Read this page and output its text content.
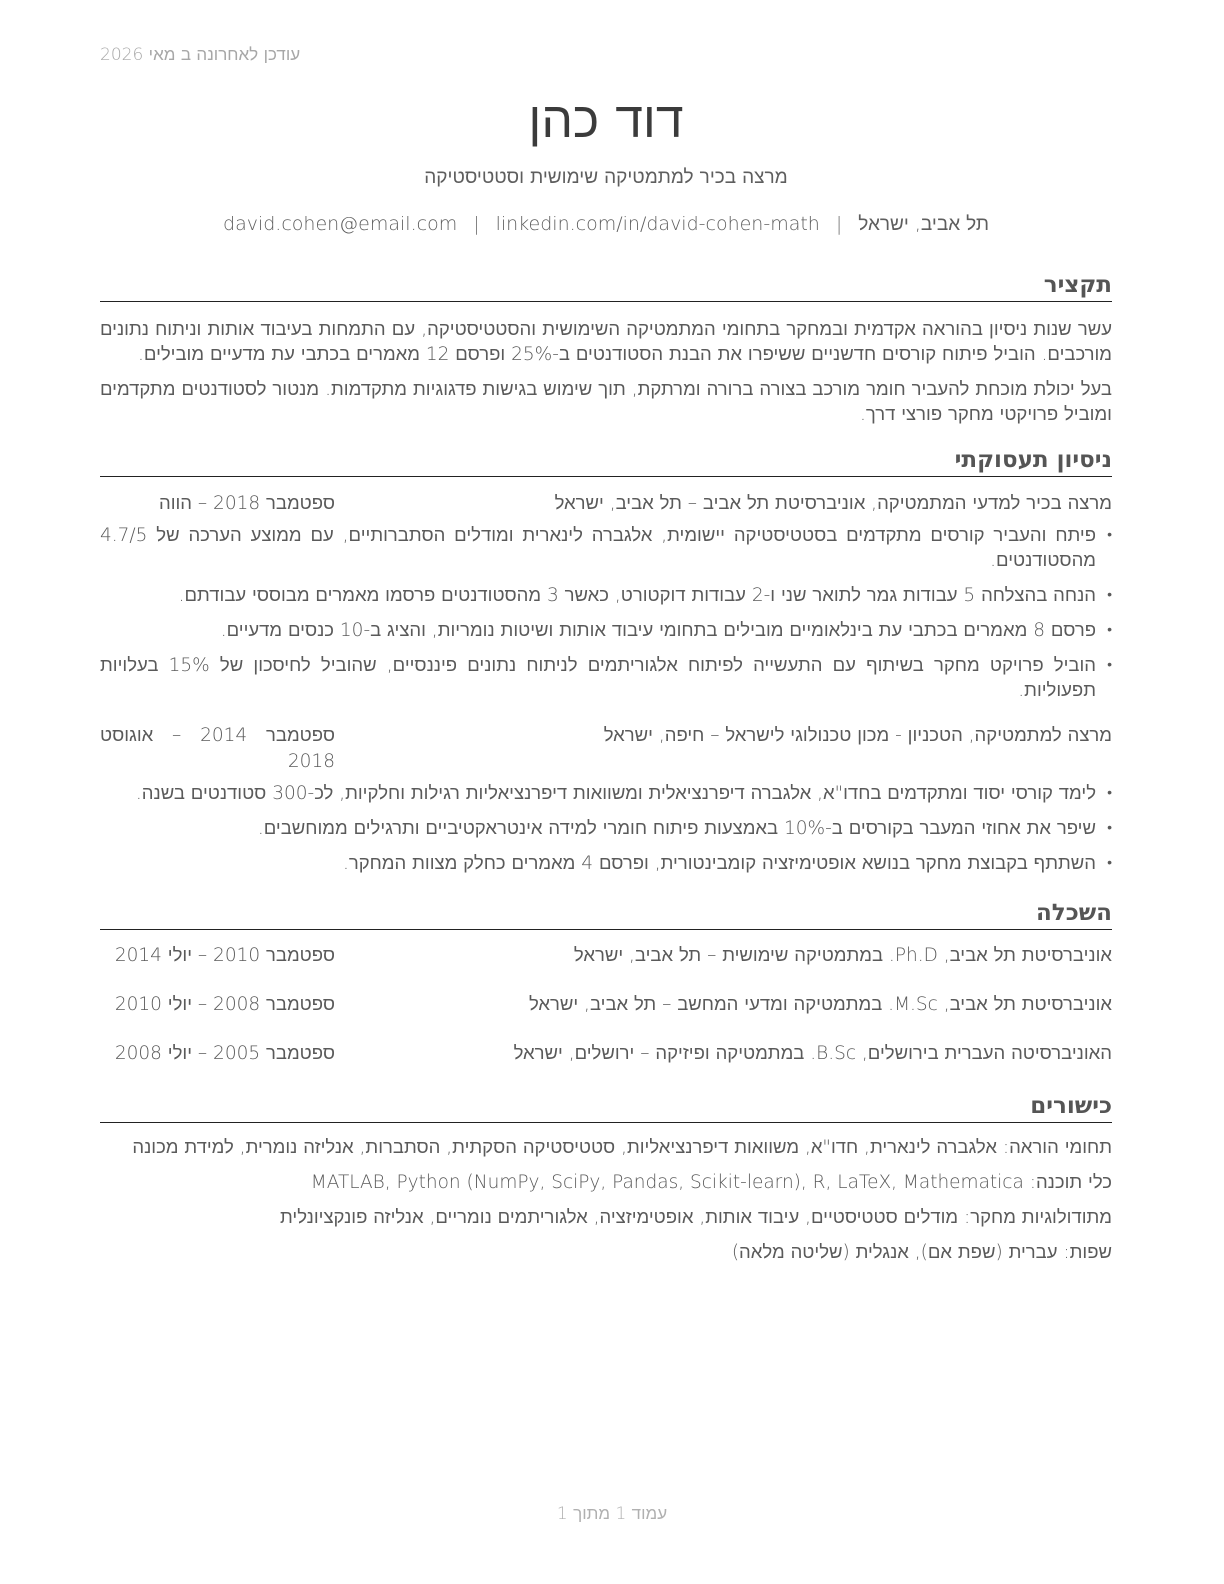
עודכן לאחרונה ב מאי 2026
דוד כהן
מרצה בכיר למתמטיקה שימושית וסטטיסטיקה
תל אביב, ישראל|david.cohen@email.com | linkedin.com/in/david-cohen-math
תקציר

עשר שנות ניסיון בהוראה אקדמית ובמחקר בתחומי המתמטיקה השימושית והסטטיסטיקה, עם התמחות בעיבוד אותות וניתוח נתונים מורכבים. הוביל פיתוח קורסים חדשניים ששיפרו את הבנת הסטודנטים ב-25% ופרסם 12 מאמרים בכתבי עת מדעיים מובילים.

בעל יכולת מוכחת להעביר חומר מורכב בצורה ברורה ומרתקת, תוך שימוש בגישות פדגוגיות מתקדמות. מנטור לסטודנטים מתקדמים ומוביל פרויקטי מחקר פורצי דרך.

ניסיון תעסוקתי
מרצה בכיר למדעי המתמטיקה, אוניברסיטת תל אביב – תל אביב, ישראל
ספטמבר 2018 – הווה
• פיתח והעביר קורסים מתקדמים בסטטיסטיקה יישומית, אלגברה לינארית ומודלים הסתברותיים, עם ממוצע הערכה של 4.7/5 מהסטודנטים.
• הנחה בהצלחה 5 עבודות גמר לתואר שני ו-2 עבודות דוקטורט, כאשר 3 מהסטודנטים פרסמו מאמרים מבוססי עבודתם.
• פרסם 8 מאמרים בכתבי עת בינלאומיים מובילים בתחומי עיבוד אותות ושיטות נומריות, והציג ב-10 כנסים מדעיים.
• הוביל פרויקט מחקר בשיתוף עם התעשייה לפיתוח אלגוריתמים לניתוח נתונים פיננסיים, שהוביל לחיסכון של 15% בעלויות תפעוליות.
מרצה למתמטיקה, הטכניון - מכון טכנולוגי לישראל – חיפה, ישראל
ספטמבר 2014 – אוגוסט 2018
• לימד קורסי יסוד ומתקדמים בחדו"א, אלגברה דיפרנציאלית ומשוואות דיפרנציאליות רגילות וחלקיות, לכ-300 סטודנטים בשנה.
• שיפר את אחוזי המעבר בקורסים ב-10% באמצעות פיתוח חומרי למידה אינטראקטיביים ותרגילים ממוחשבים.
• השתתף בקבוצת מחקר בנושא אופטימיזציה קומבינטורית, ופרסם 4 מאמרים כחלק מצוות המחקר.
השכלה
אוניברסיטת תל אביב, Ph.D. במתמטיקה שימושית – תל אביב, ישראל
ספטמבר 2010 – יולי 2014
אוניברסיטת תל אביב, M.Sc. במתמטיקה ומדעי המחשב – תל אביב, ישראל
ספטמבר 2008 – יולי 2010
האוניברסיטה העברית בירושלים, B.Sc. במתמטיקה ופיזיקה – ירושלים, ישראל
ספטמבר 2005 – יולי 2008
כישורים
תחומי הוראה: אלגברה לינארית, חדו"א, משוואות דיפרנציאליות, סטטיסטיקה הסקתית, הסתברות, אנליזה נומרית, למידת מכונה
כלי תוכנה: MATLAB, Python (NumPy, SciPy, Pandas, Scikit-learn), R, LaTeX, Mathematica
מתודולוגיות מחקר: מודלים סטטיסטיים, עיבוד אותות, אופטימיזציה, אלגוריתמים נומריים, אנליזה פונקציונלית
שפות: עברית (שפת אם), אנגלית (שליטה מלאה)
עמוד 1 מתוך 1
